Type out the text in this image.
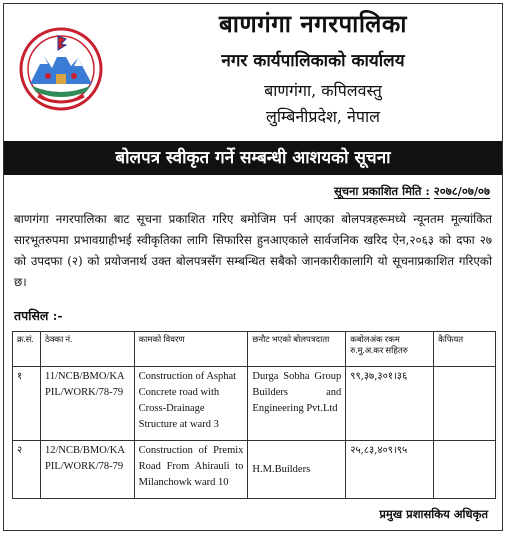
बाणगंगा नगरपालिका
नगर कार्यपालिकाको कार्यालय
बाणगंगा, कपिलवस्तु
लुम्बिनीप्रदेश, नेपाल
बोलपत्र स्वीकृत गर्ने सम्बन्धी आशयको सूचना
सूचना प्रकाशित मिति : २०७८/०७/०७
बाणगंगा नगरपालिका बाट सूचना प्रकाशित गरिए बमोजिम पर्न आएका बोलपत्रहरूमध्ये न्यूनतम मूल्यांकित सारभूतरुपमा प्रभावग्राहीभई स्वीकृतिका लागि सिफारिस हुनआएकाले सार्वजनिक खरिद ऐन,२०६३ को दफा २७ को उपदफा (२) को प्रयोजनार्थ उक्त बोलपत्रसँग सम्बन्धित सबैको जानकारीकालागि यो सूचनाप्रकाशित गरिएको छ।
तपसिल :-
क्र.सं.	ठेक्का नं.	कामको विवरण	छनौट भएको बोलपत्रदाता	कबोलअंक रकम रु.मु.अ.कर सहितरु	कैफियत
१	11/NCB/BMO/KAPIL/WORK/78-79	Construction of Asphat Concrete road with Cross-Drainage Structure at ward 3	Durga Sobha Group Builders and Engineering Pvt.Ltd	९९,३७,३०१।३६	
२	12/NCB/BMO/KAPIL/WORK/78-79	Construction of Premix Road From Ahirauli to Milanchowk ward 10	H.M.Builders	२५,८३,४०९।९५	
प्रमुख प्रशासकिय अधिकृत
